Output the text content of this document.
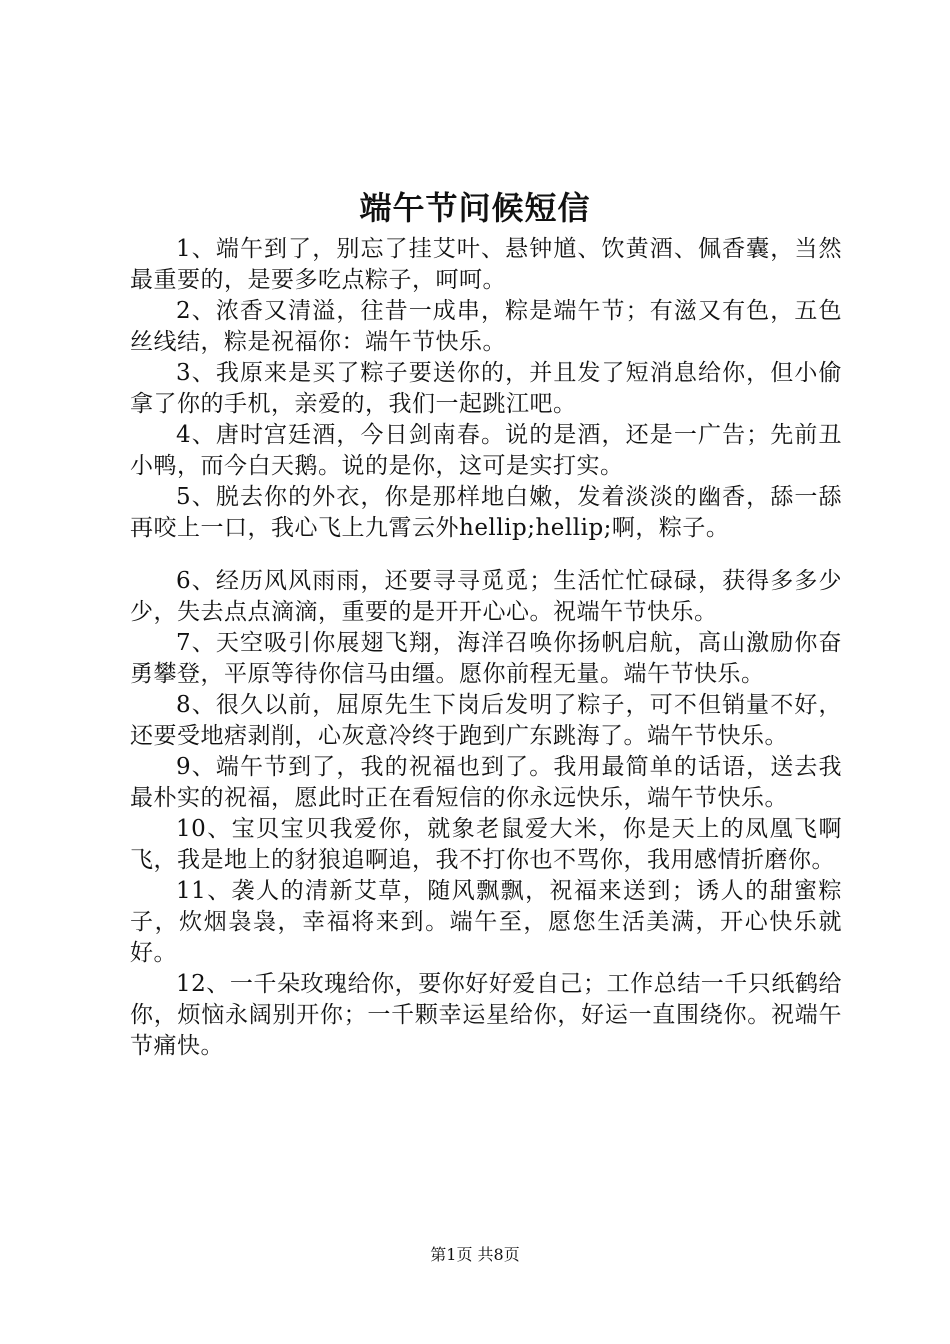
端午节问候短信

1、端午到了，别忘了挂艾叶、悬钟馗、饮黄酒、佩香囊，当然最重要的，是要多吃点粽子，呵呵。

2、浓香又清溢，往昔一成串，粽是端午节；有滋又有色，五色丝线结，粽是祝福你：端午节快乐。

3、我原来是买了粽子要送你的，并且发了短消息给你，但小偷拿了你的手机，亲爱的，我们一起跳江吧。

4、唐时宫廷酒，今日剑南春。说的是酒，还是一广告；先前丑小鸭，而今白天鹅。说的是你，这可是实打实。

5、脱去你的外衣，你是那样地白嫩，发着淡淡的幽香，舔一舔再咬上一口，我心飞上九霄云外hellip;hellip;啊，粽子。

6、经历风风雨雨，还要寻寻觅觅；生活忙忙碌碌，获得多多少少，失去点点滴滴，重要的是开开心心。祝端午节快乐。

7、天空吸引你展翅飞翔，海洋召唤你扬帆启航，高山激励你奋勇攀登，平原等待你信马由缰。愿你前程无量。端午节快乐。

8、很久以前，屈原先生下岗后发明了粽子，可不但销量不好，还要受地痞剥削，心灰意冷终于跑到广东跳海了。端午节快乐。

9、端午节到了，我的祝福也到了。我用最简单的话语，送去我最朴实的祝福，愿此时正在看短信的你永远快乐，端午节快乐。

10、宝贝宝贝我爱你，就象老鼠爱大米，你是天上的凤凰飞啊飞，我是地上的豺狼追啊追，我不打你也不骂你，我用感情折磨你。

11、袭人的清新艾草，随风飘飘，祝福来送到；诱人的甜蜜粽子，炊烟袅袅，幸福将来到。端午至，愿您生活美满，开心快乐就好。

12、一千朵玫瑰给你，要你好好爱自己；工作总结一千只纸鹤给你，烦恼永阔别开你；一千颗幸运星给你，好运一直围绕你。祝端午节痛快。

第1页 共8页
